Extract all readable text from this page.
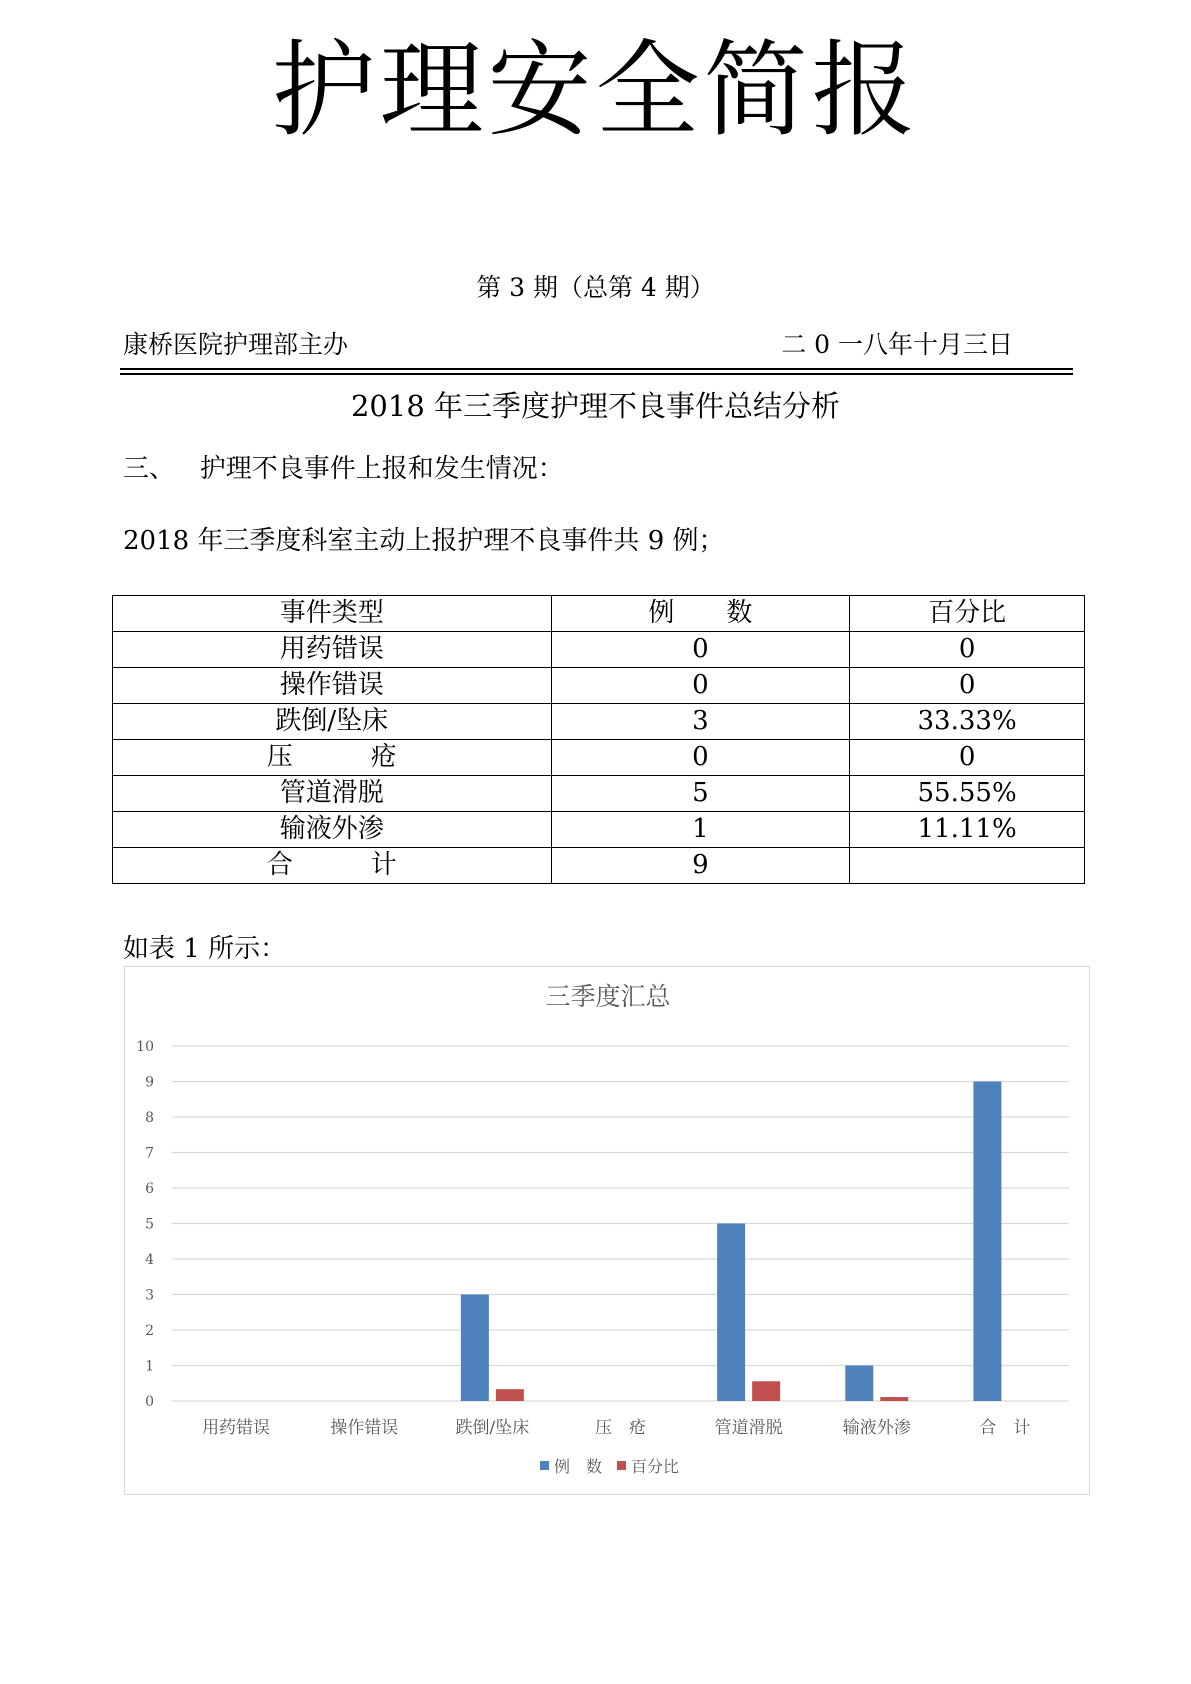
护理安全简报
第 3 期（总第 4 期）
康桥医院护理部主办	二 0 一八年十月三日
2018 年三季度护理不良事件总结分析
三、   护理不良事件上报和发生情况：
2018 年三季度科室主动上报护理不良事件共 9 例；
事件类型	例　　数	百分比
用药错误	0	0
操作错误	0	0
跌倒/坠床	3	33.33%
压　　　疮	0	0
管道滑脱	5	55.55%
输液外渗	1	11.11%
合　　　计	9	
如表 1 所示：
三季度汇总
0
1
2
3
4
5
6
7
8
9
10
用药错误	操作错误	跌倒/坠床	压　疮	管道滑脱	输液外渗	合　计
例　数 百分比
